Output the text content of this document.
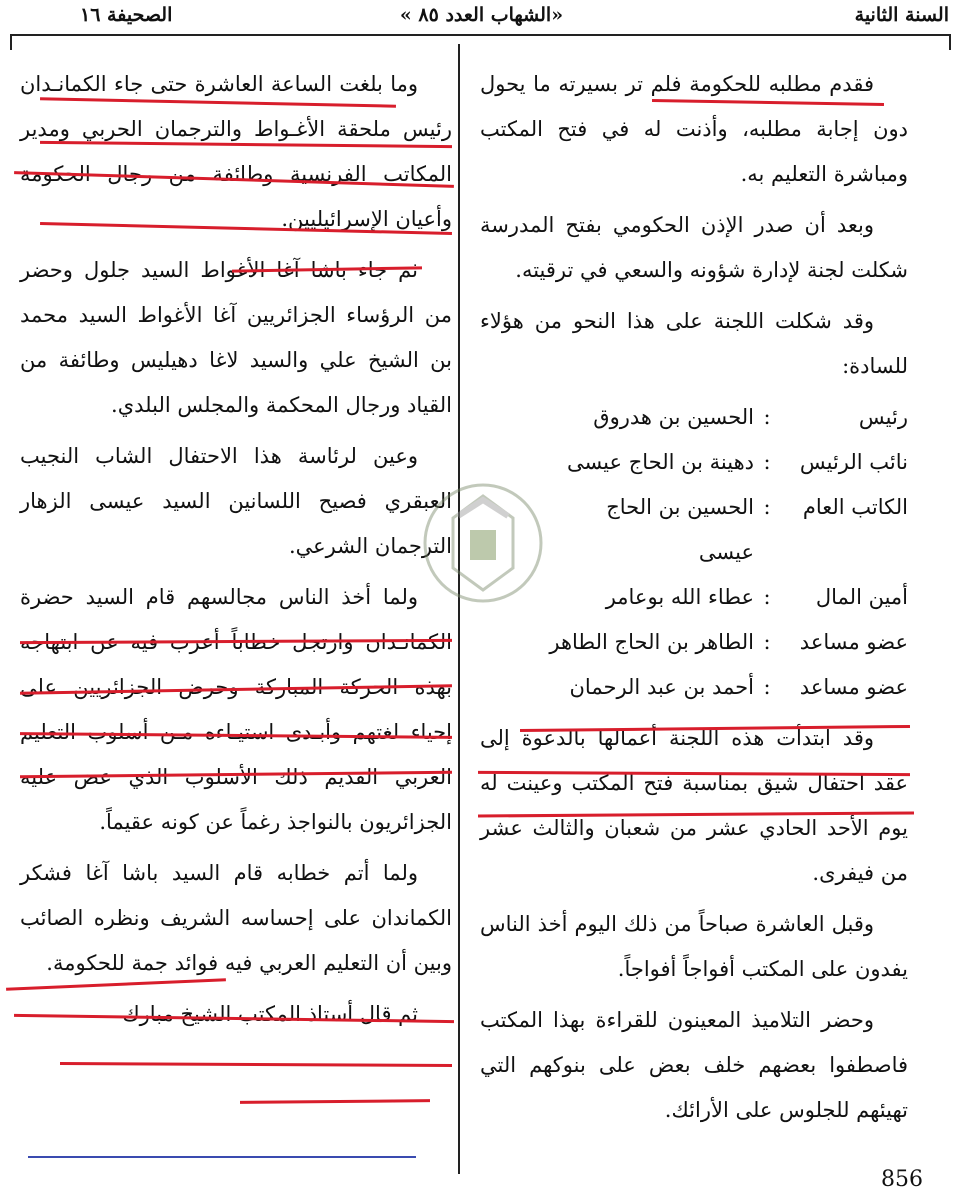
السنة الثانية
«الشهاب العدد ٨٥ »
الصحيفة ١٦

فقدم مطلبه للحكومة فلم تر بسيرته ما يحول دون إجابة مطلبه، وأذنت له في فتح المكتب ومباشرة التعليم به.

وبعد أن صدر الإذن الحكومي بفتح المدرسة شكلت لجنة لإدارة شؤونه والسعي في ترقيته.

وقد شكلت اللجنة على هذا النحو من هؤلاء للسادة:

رئيس
:
الحسين بن هدروق
نائب الرئيس
:
دهينة بن الحاج عيسى
الكاتب العام
:
الحسين بن الحاج
عيسى
أمين المال
:
عطاء الله بوعامر
عضو مساعد
:
الطاهر بن الحاج الطاهر
عضو مساعد
:
أحمد بن عبد الرحمان

وقد ابتدأت هذه اللجنة أعمالها بالدعوة إلى عقد احتفال شيق بمناسبة فتح المكتب وعينت له يوم الأحد الحادي عشر من شعبان والثالث عشر من فيفرى.

وقبل العاشرة صباحاً من ذلك اليوم أخذ الناس يفدون على المكتب أفواجاً أفواجاً.

وحضر التلاميذ المعينون للقراءة بهذا المكتب فاصطفوا بعضهم خلف بعض على بنوكهم التي تهيئهم للجلوس على الأرائك.

وما بلغت الساعة العاشرة حتى جاء الكمانـدان رئيس ملحقة الأغـواط والترجمان الحربي ومدير المكاتب الفرنسية وطائفة من رجال الحكومة وأعيان الإسرائيليين.

ثم جاء باشا آغا الأغواط السيد جلول وحضر من الرؤساء الجزائريين آغا الأغواط السيد محمد بن الشيخ علي والسيد لاغا دهيليس وطائفة من القياد ورجال المحكمة والمجلس البلدي.

وعين لرئاسة هذا الاحتفال الشاب النجيب العبقري فصيح اللسانين السيد عيسى الزهار الترجمان الشرعي.

ولما أخذ الناس مجالسهم قام السيد حضرة الكمانـدان وارتجل خطاباً أعرب فيه عن ابتهاجه بهذه الحركة المباركة وحرض الجزائريين على إحياء لغتهم وأبـدى استيـاءه مـن أسلوب التعليم العربي القديم ذلك الأسلوب الذي عض عليه الجزائريون بالنواجذ رغماً عن كونه عقيماً.

ولما أتم خطابه قام السيد باشا آغا فشكر الكماندان على إحساسه الشريف ونظره الصائب وبين أن التعليم العربي فيه فوائد جمة للحكومة.

ثم قال أستاذ المكتب الشيخ مبارك

856
